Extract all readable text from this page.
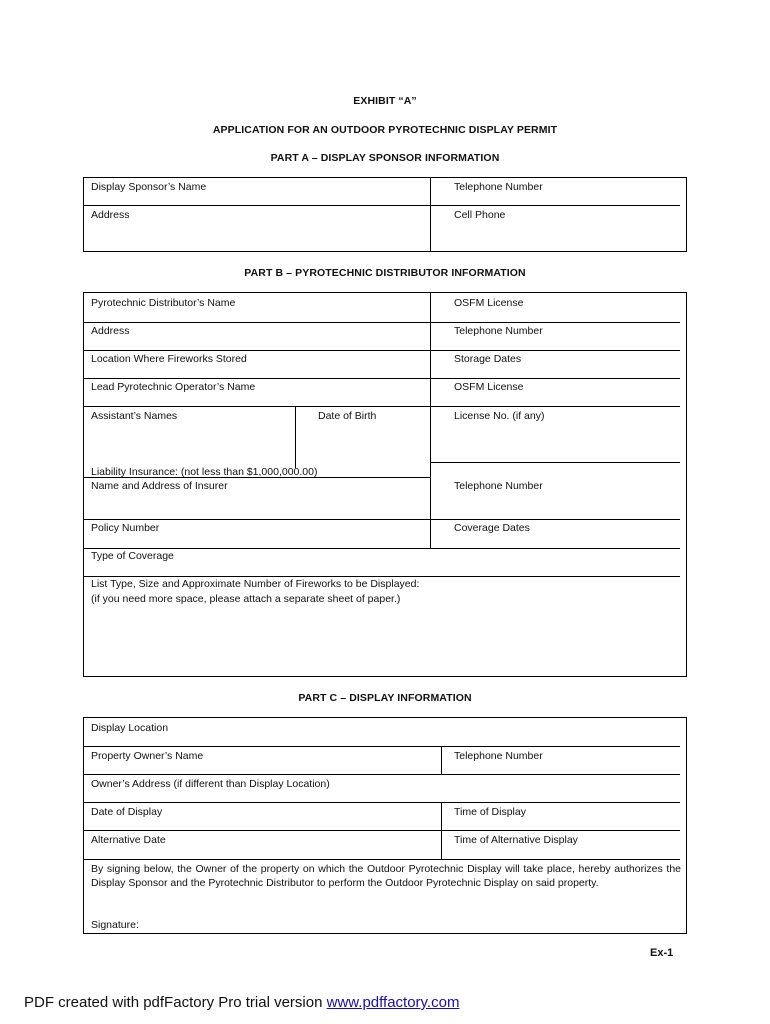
EXHIBIT “A”
APPLICATION FOR AN OUTDOOR PYROTECHNIC DISPLAY PERMIT
PART A – DISPLAY SPONSOR INFORMATION
Display Sponsor’s Name	Telephone Number
Address	Cell Phone
PART B – PYROTECHNIC DISTRIBUTOR INFORMATION
Pyrotechnic Distributor’s Name	OSFM License
Address	Telephone Number
Location Where Fireworks Stored	Storage Dates
Lead Pyrotechnic Operator’s Name	OSFM License
Assistant’s Names	Date of Birth	License No. (if any)
Liability Insurance: (not less than $1,000,000.00)
Name and Address of Insurer	Telephone Number
Policy Number	Coverage Dates
Type of Coverage
List Type, Size and Approximate Number of Fireworks to be Displayed:
(if you need more space, please attach a separate sheet of paper.)
PART C – DISPLAY INFORMATION
Display Location
Property Owner’s Name	Telephone Number
Owner’s Address (if different than Display Location)
Date of Display	Time of Display
Alternative Date	Time of Alternative Display
By signing below, the Owner of the property on which the Outdoor Pyrotechnic Display will take place, hereby authorizes the Display Sponsor and the Pyrotechnic Distributor to perform the Outdoor Pyrotechnic Display on said property.
Signature:
Ex-1
PDF created with pdfFactory Pro trial version www.pdffactory.com
